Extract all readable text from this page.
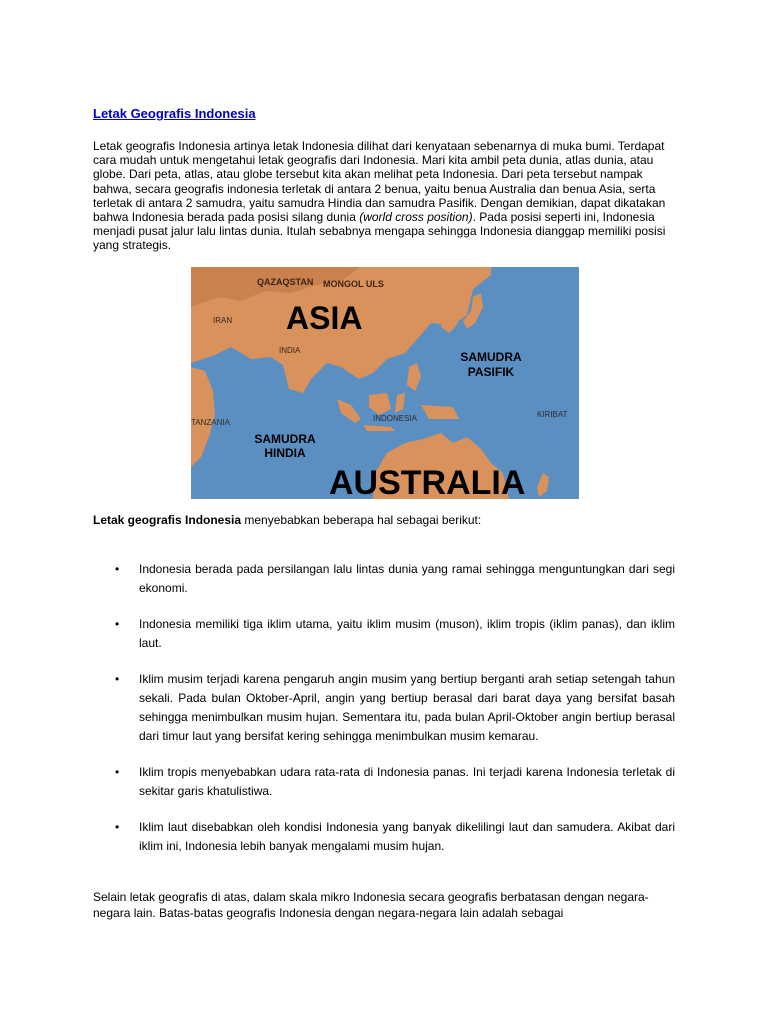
Letak Geografis Indonesia

Letak geografis Indonesia artinya letak Indonesia dilihat dari kenyataan sebenarnya di muka bumi. Terdapat cara mudah untuk mengetahui letak geografis dari Indonesia. Mari kita ambil peta dunia, atlas dunia, atau globe. Dari peta, atlas, atau globe tersebut kita akan melihat peta Indonesia. Dari peta tersebut nampak bahwa, secara geografis indonesia terletak di antara 2 benua, yaitu benua Australia dan benua Asia, serta terletak di antara 2 samudra, yaitu samudra Hindia dan samudra Pasifik. Dengan demikian, dapat dikatakan bahwa Indonesia berada pada posisi silang dunia (world cross position). Pada posisi seperti ini, Indonesia menjadi pusat jalur lalu lintas dunia. Itulah sebabnya mengapa sehingga Indonesia dianggap memiliki posisi yang strategis.

QAZAQSTAN MONGOL ULS
IRAN ASIA
INDIA	SAMUDRA
PASIFIK
TANZANIA	INDONESIA	KIRIBAT
SAMUDRA
HINDIA
AUSTRALIA

Letak geografis Indonesia menyebabkan beberapa hal sebagai berikut:

• Indonesia berada pada persilangan lalu lintas dunia yang ramai sehingga menguntungkan dari segi ekonomi.
• Indonesia memiliki tiga iklim utama, yaitu iklim musim (muson), iklim tropis (iklim panas), dan iklim laut.
• Iklim musim terjadi karena pengaruh angin musim yang bertiup berganti arah setiap setengah tahun sekali. Pada bulan Oktober-April, angin yang bertiup berasal dari barat daya yang bersifat basah sehingga menimbulkan musim hujan. Sementara itu, pada bulan April-Oktober angin bertiup berasal dari timur laut yang bersifat kering sehingga menimbulkan musim kemarau.
• Iklim tropis menyebabkan udara rata-rata di Indonesia panas. Ini terjadi karena Indonesia terletak di sekitar garis khatulistiwa.
• Iklim laut disebabkan oleh kondisi Indonesia yang banyak dikelilingi laut dan samudera. Akibat dari iklim ini, Indonesia lebih banyak mengalami musim hujan.

Selain letak geografis di atas, dalam skala mikro Indonesia secara geografis berbatasan dengan negara-negara lain. Batas-batas geografis Indonesia dengan negara-negara lain adalah sebagai
